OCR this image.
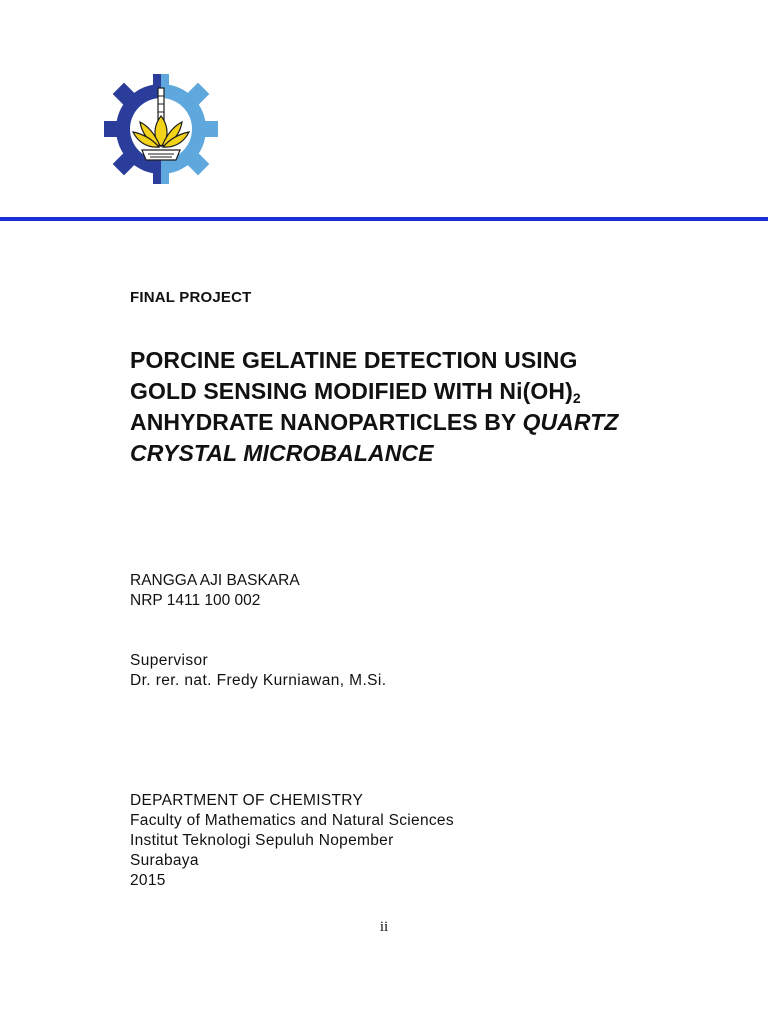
FINAL PROJECT
PORCINE GELATINE DETECTION USING
GOLD SENSING MODIFIED WITH $Ni(OH)_2$
ANHYDRATE NANOPARTICLES BY QUARTZ
CRYSTAL MICROBALANCE
RANGGA AJI BASKARA
NRP 1411 100 002
Supervisor
Dr. rer. nat. Fredy Kurniawan, M.Si.
DEPARTMENT OF CHEMISTRY
Faculty of Mathematics and Natural Sciences
Institut Teknologi Sepuluh Nopember
Surabaya
2015
ii
